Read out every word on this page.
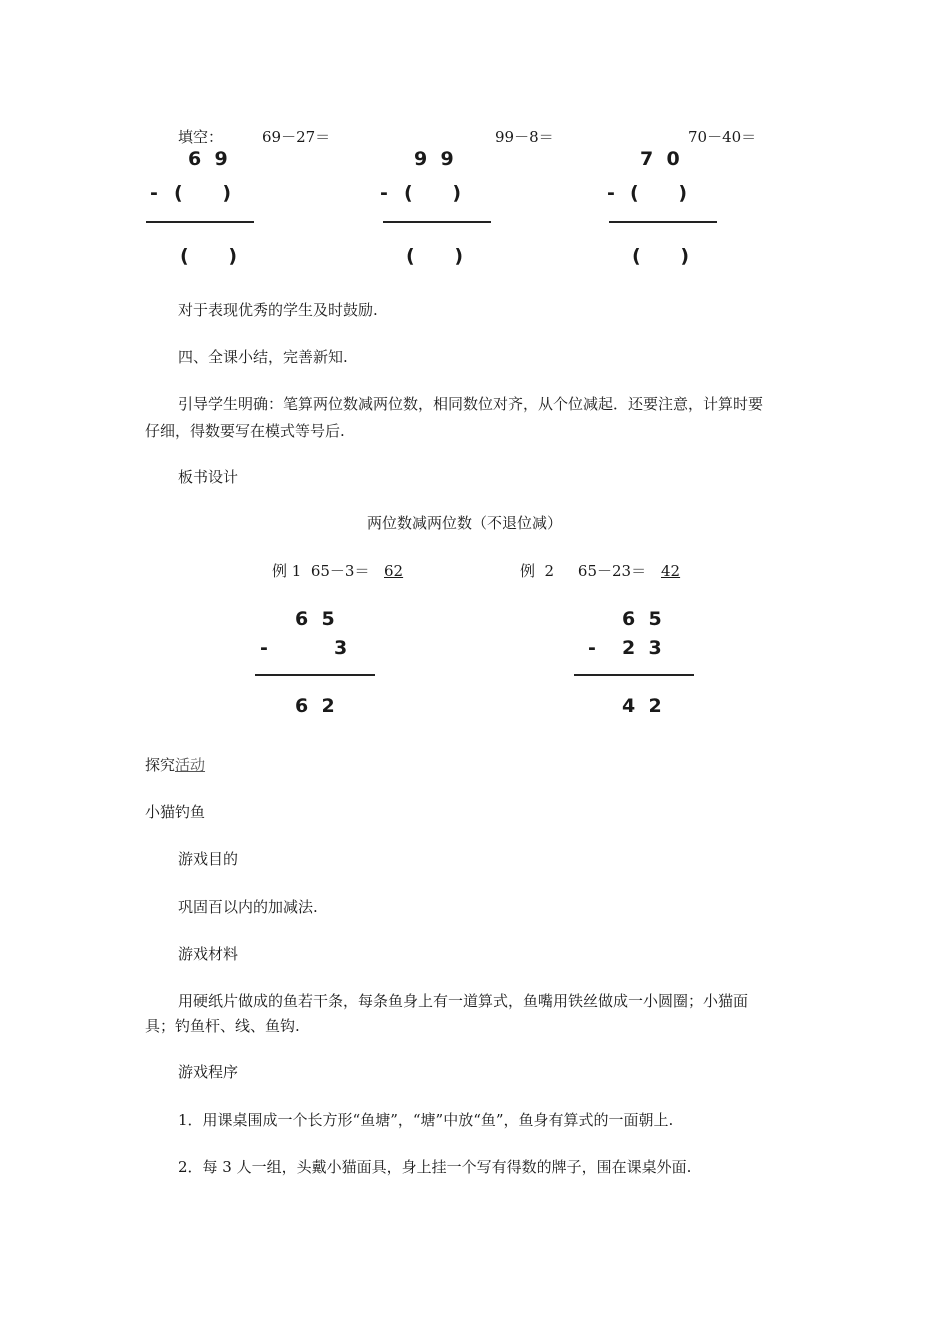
填空：	69－27＝	99－8＝	70－40＝
6  9
- (      )
(      )
9  9
- (      )
(      )
7  0
- (      )
(      )
对于表现优秀的学生及时鼓励.
四、全课小结，完善新知.
引导学生明确：笔算两位数减两位数，相同数位对齐，从个位减起．还要注意，计算时要
仔细，得数要写在模式等号后.
板书设计
两位数减两位数（不退位减）
例 1  65－3＝ 62	例  2     65－23＝ 42
6  5
-	3
6  2
6  5
- 2  3
4  2
探究活动
小猫钓鱼
游戏目的
巩固百以内的加减法.
游戏材料
用硬纸片做成的鱼若干条，每条鱼身上有一道算式，鱼嘴用铁丝做成一小圆圈；小猫面
具；钓鱼杆、线、鱼钩.
游戏程序
1．用课桌围成一个长方形“鱼塘”，“塘”中放“鱼”，鱼身有算式的一面朝上.
2．每 3 人一组，头戴小猫面具，身上挂一个写有得数的牌子，围在课桌外面.
